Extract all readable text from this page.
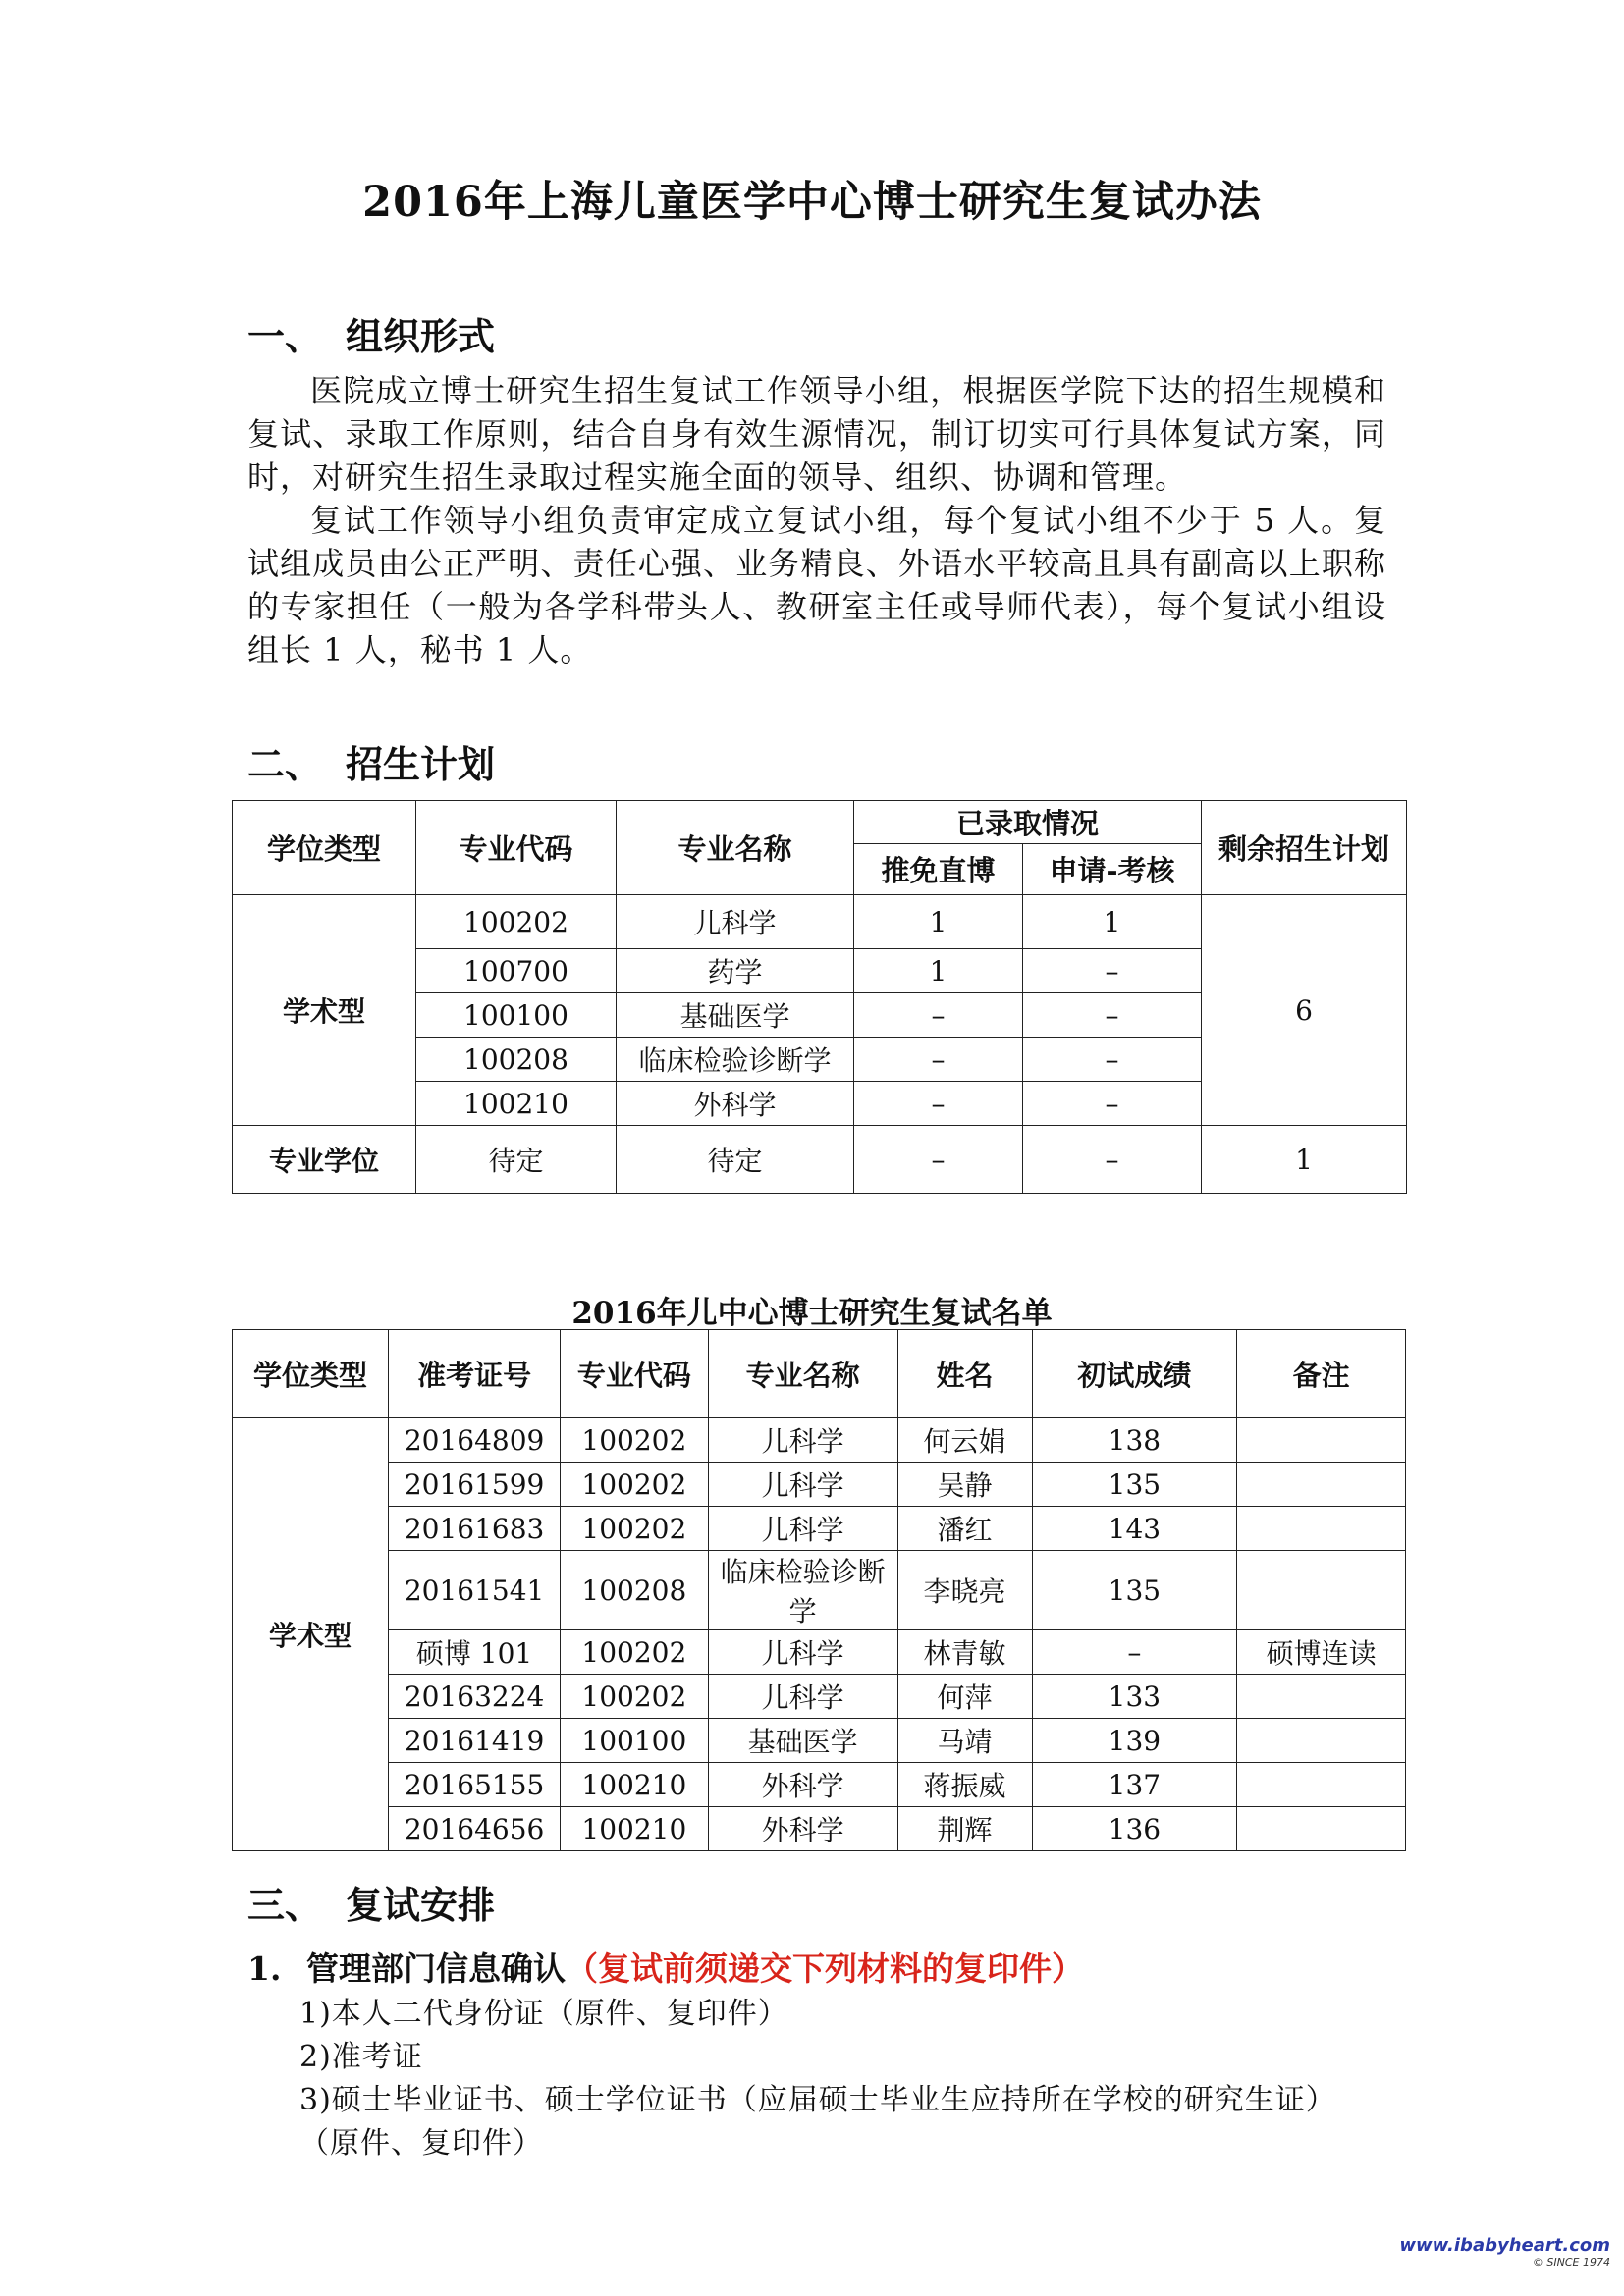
2016年上海儿童医学中心博士研究生复试办法
一、 组织形式
医院成立博士研究生招生复试工作领导小组，根据医学院下达的招生规模和复试、录取工作原则，结合自身有效生源情况，制订切实可行具体复试方案，同时，对研究生招生录取过程实施全面的领导、组织、协调和管理。
复试工作领导小组负责审定成立复试小组，每个复试小组不少于 5 人。复试组成员由公正严明、责任心强、业务精良、外语水平较高且具有副高以上职称的专家担任（一般为各学科带头人、教研室主任或导师代表），每个复试小组设组长 1 人，秘书 1 人。
二、 招生计划
学位类型	专业代码	专业名称	已录取情况		剩余招生计划
			推免直博	申请-考核	
学术型	100202	儿科学	1	1	6
	100700	药学	1	–	
	100100	基础医学	–	–	
	100208	临床检验诊断学	–	–	
	100210	外科学	–	–	
专业学位	待定	待定	–	–	1
2016年儿中心博士研究生复试名单
学位类型	准考证号	专业代码	专业名称	姓名	初试成绩	备注
学术型	20164809	100202	儿科学	何云娟	138	
	20161599	100202	儿科学	吴静	135	
	20161683	100202	儿科学	潘红	143	
	20161541	100208	临床检验诊断学	李晓亮	135	
	硕博 101	100202	儿科学	林青敏	–	硕博连读
	20163224	100202	儿科学	何萍	133	
	20161419	100100	基础医学	马靖	139	
	20165155	100210	外科学	蒋振威	137	
	20164656	100210	外科学	荆辉	136	
三、 复试安排
1. 管理部门信息确认（复试前须递交下列材料的复印件）
1)本人二代身份证（原件、复印件）
2)准考证
3)硕士毕业证书、硕士学位证书（应届硕士毕业生应持所在学校的研究生证）
（原件、复印件）
www.ibabyheart.com
© SINCE 1974
